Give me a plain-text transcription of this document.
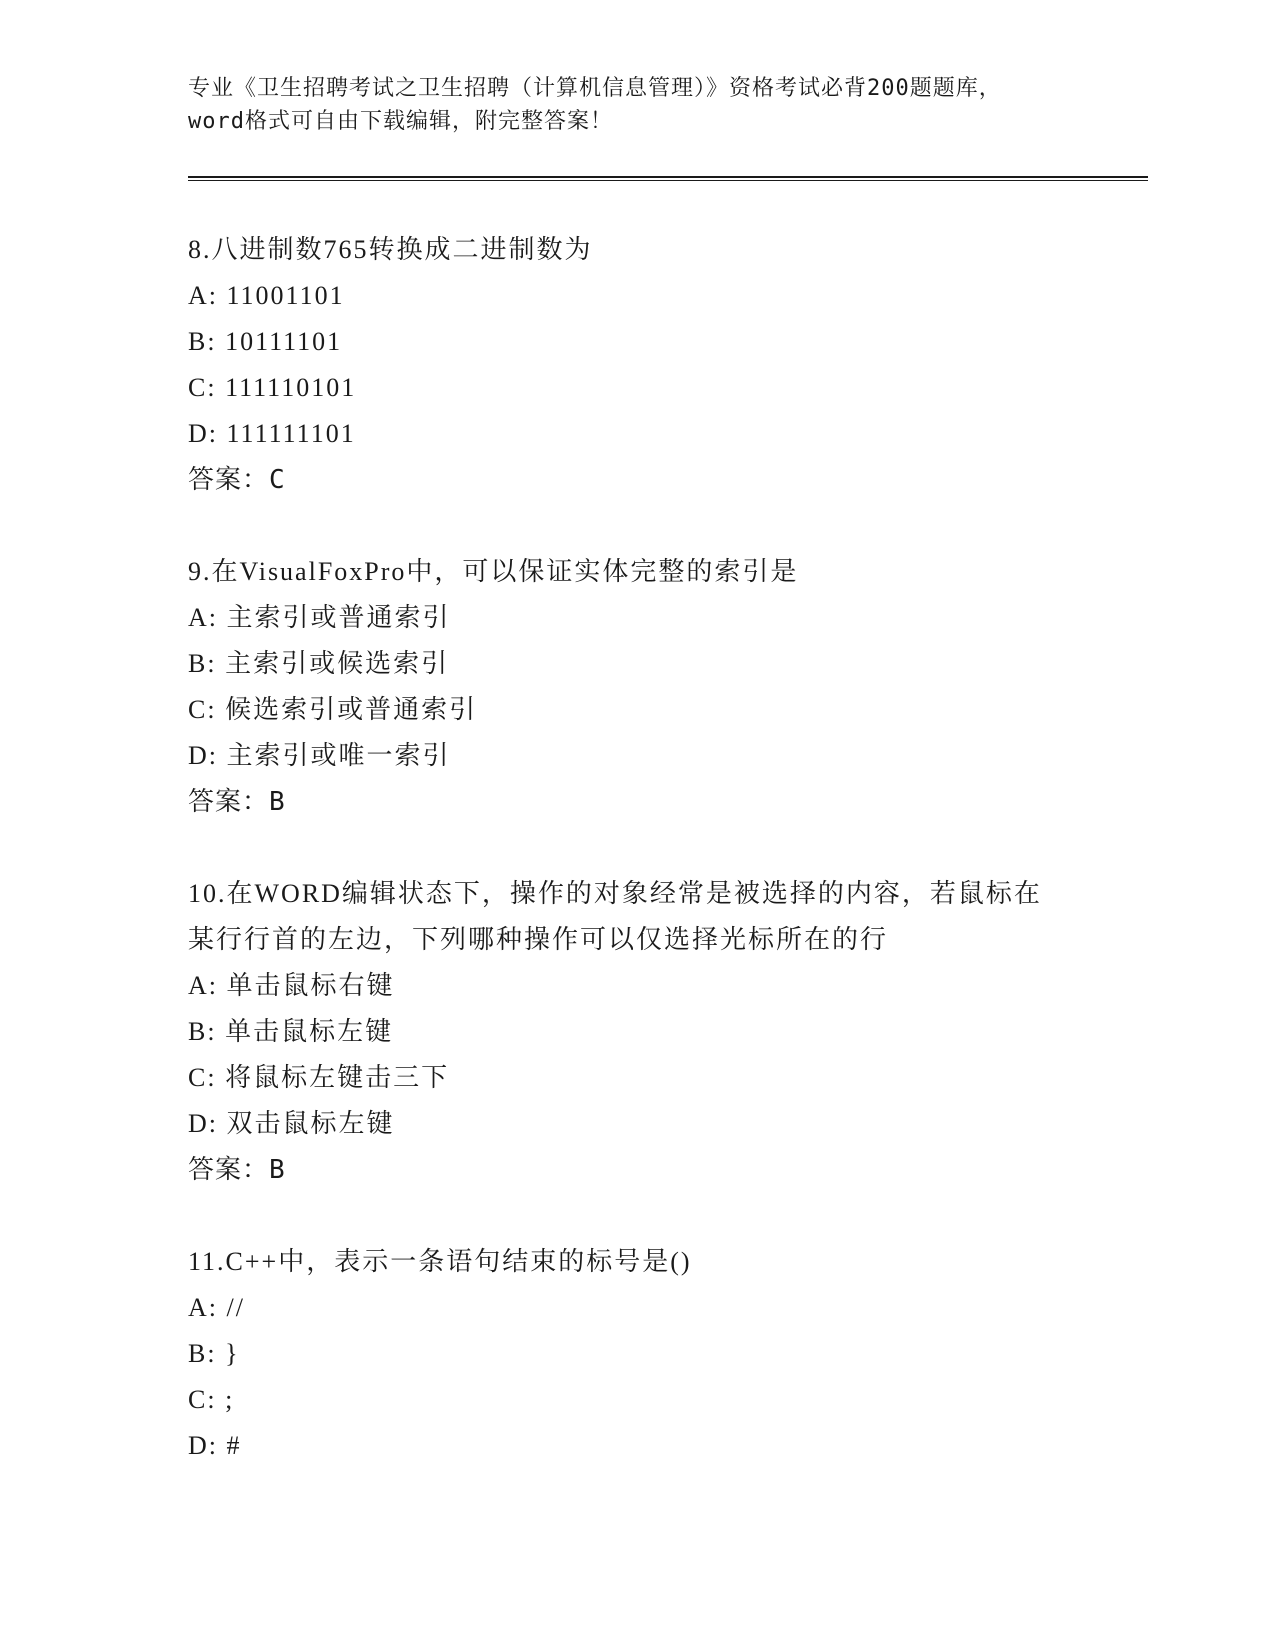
专业《卫生招聘考试之卫生招聘（计算机信息管理）》资格考试必背200题题库，
word格式可自由下载编辑，附完整答案！
8.八进制数765转换成二进制数为
A: 11001101
B: 10111101
C: 111110101
D: 111111101
答案：C
9.在VisualFoxPro中，可以保证实体完整的索引是
A: 主索引或普通索引
B: 主索引或候选索引
C: 候选索引或普通索引
D: 主索引或唯一索引
答案：B
10.在WORD编辑状态下，操作的对象经常是被选择的内容，若鼠标在
某行行首的左边，下列哪种操作可以仅选择光标所在的行
A: 单击鼠标右键
B: 单击鼠标左键
C: 将鼠标左键击三下
D: 双击鼠标左键
答案：B
11.C++中，表示一条语句结束的标号是()
A: //
B: }
C: ;
D: #
